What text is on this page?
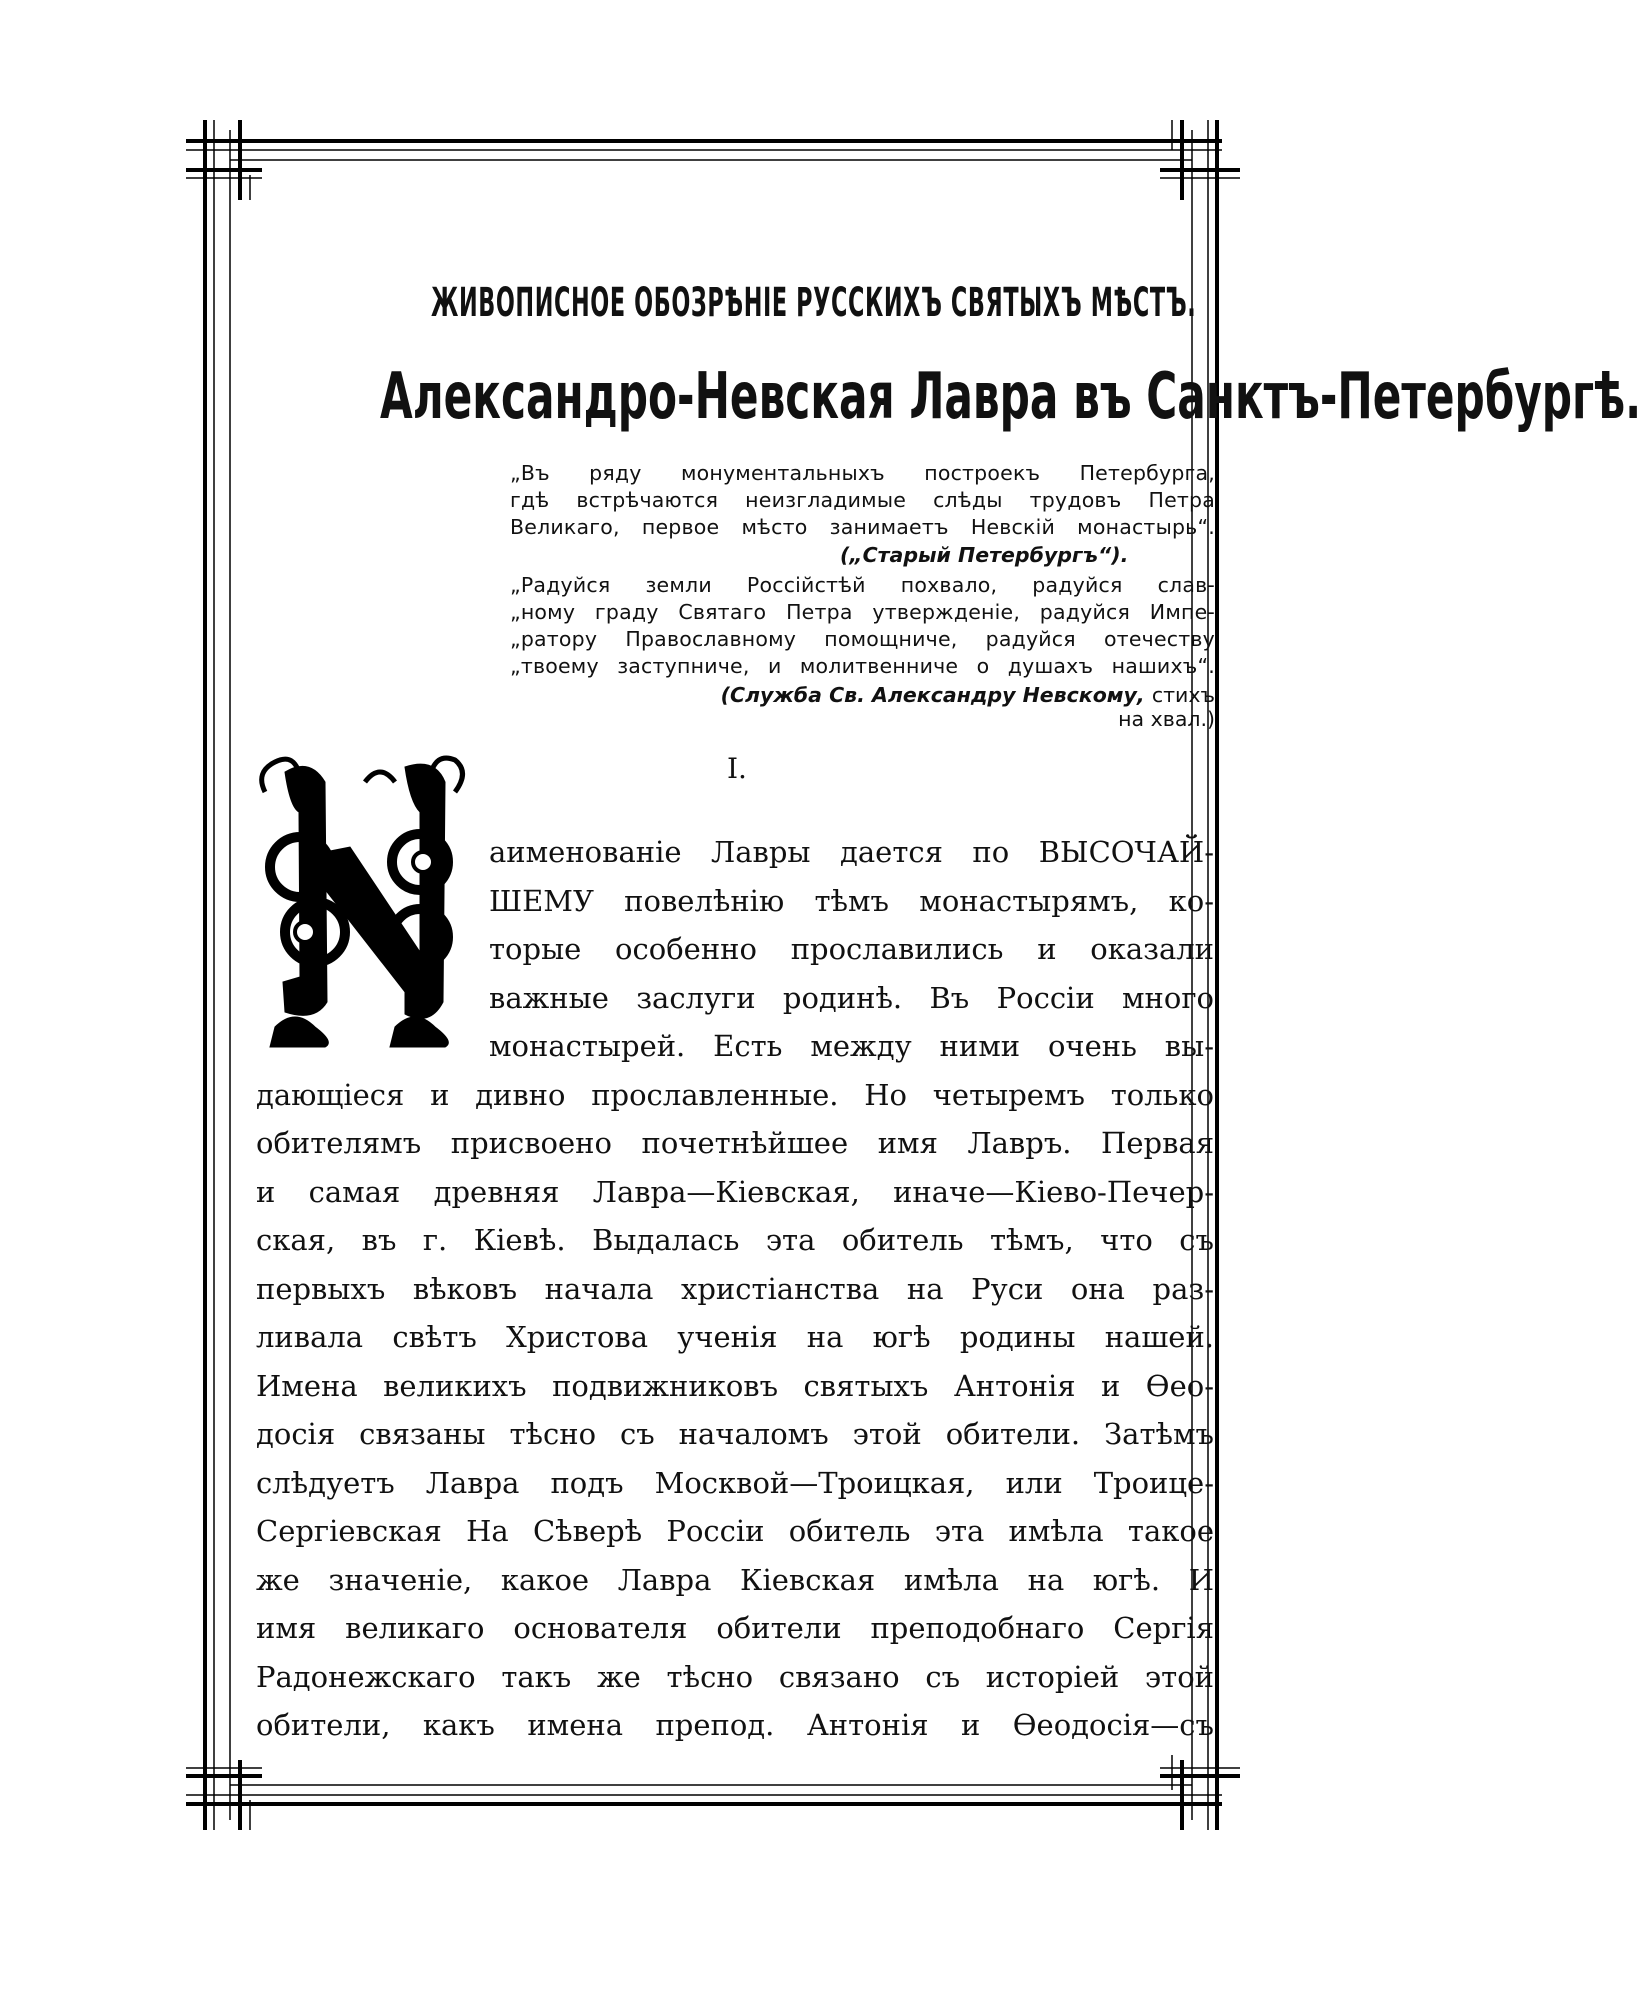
ЖИВОПИСНОЕ ОБОЗРѢНІЕ РУССКИХЪ СВЯТЫХЪ МѢСТЪ.
Александро-Невская Лавра въ Санктъ-Петербургѣ.
„Въ ряду монументальныхъ построекъ Петербурга,
гдѣ встрѣчаются неизгладимые слѣды трудовъ Петра
Великаго, первое мѣсто занимаетъ Невскій монастырь“.
(„Старый Петербургъ“).
„Радуйся земли Россійстѣй похвало, радуйся слав-
„ному граду Святаго Петра утвержденіе, радуйся Импе-
„ратору Православному помощниче, радуйся отечеству
„твоему заступниче, и молитвенниче о душахъ нашихъ“.
(Служба Св. Александру Невскому, стихъ на хвал.)
I.
аименованіе Лавры дается по ВЫСОЧАЙ-
ШЕМУ повелѣнію тѣмъ монастырямъ, ко-
торые особенно прославились и оказали
важные заслуги родинѣ. Въ Россіи много
монастырей. Есть между ними очень вы-
дающіеся и дивно прославленные. Но четыремъ только
обителямъ присвоено почетнѣйшее имя Лавръ. Первая
и самая древняя Лавра—Кіевская, иначе—Кіево-Печер-
ская, въ г. Кіевѣ. Выдалась эта обитель тѣмъ, что съ
первыхъ вѣковъ начала христіанства на Руси она раз-
ливала свѣтъ Христова ученія на югѣ родины нашей.
Имена великихъ подвижниковъ святыхъ Антонія и Ѳео-
досія связаны тѣсно съ началомъ этой обители. Затѣмъ
слѣдуетъ Лавра подъ Москвой—Троицкая, или Троице-
Сергіевская На Сѣверѣ Россіи обитель эта имѣла такое
же значеніе, какое Лавра Кіевская имѣла на югѣ. И
имя великаго основателя обители преподобнаго Сергія
Радонежскаго такъ же тѣсно связано съ исторіей этой
обители, какъ имена препод. Антонія и Ѳеодосія—съ
